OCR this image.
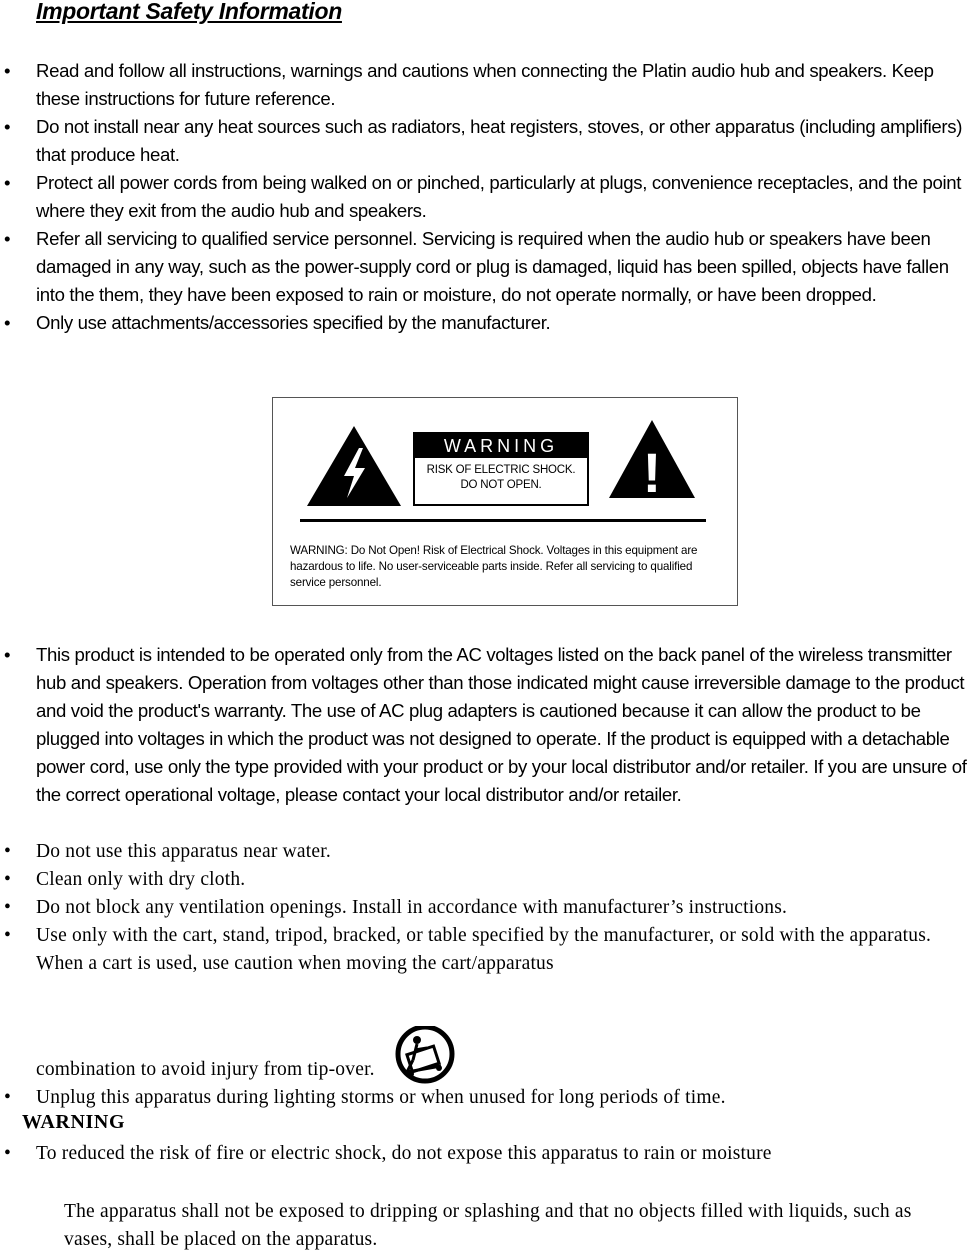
Important Safety Information
• Read and follow all instructions, warnings and cautions when connecting the Platin audio hub and speakers. Keep these instructions for future reference.
• Do not install near any heat sources such as radiators, heat registers, stoves, or other apparatus (including amplifiers) that produce heat.
• Protect all power cords from being walked on or pinched, particularly at plugs, convenience receptacles, and the point where they exit from the audio hub and speakers.
• Refer all servicing to qualified service personnel. Servicing is required when the audio hub or speakers have been damaged in any way, such as the power-supply cord or plug is damaged, liquid has been spilled, objects have fallen into the them, they have been exposed to rain or moisture, do not operate normally, or have been dropped.
• Only use attachments/accessories specified by the manufacturer.
WARNING
RISK OF ELECTRIC SHOCK.
DO NOT OPEN.	!
WARNING: Do Not Open! Risk of Electrical Shock. Voltages in this equipment are hazardous to life. No user-serviceable parts inside. Refer all servicing to qualified service personnel.
• This product is intended to be operated only from the AC voltages listed on the back panel of the wireless transmitter hub and speakers. Operation from voltages other than those indicated might cause irreversible damage to the product and void the product's warranty. The use of AC plug adapters is cautioned because it can allow the product to be plugged into voltages in which the product was not designed to operate. If the product is equipped with a detachable power cord, use only the type provided with your product or by your local distributor and/or retailer. If you are unsure of the correct operational voltage, please contact your local distributor and/or retailer.
• Do not use this apparatus near water.
• Clean only with dry cloth.
• Do not block any ventilation openings. Install in accordance with manufacturer’s instructions.
• Use only with the cart, stand, tripod, bracked, or table specified by the manufacturer, or sold with the apparatus. When a cart is used, use caution when moving the cart/apparatus
combination to avoid injury from tip-over.
• Unplug this apparatus during lighting storms or when unused for long periods of time.
WARNING
• To reduced the risk of fire or electric shock, do not expose this apparatus to rain or moisture
The apparatus shall not be exposed to dripping or splashing and that no objects filled with liquids, such as vases, shall be placed on the apparatus.
